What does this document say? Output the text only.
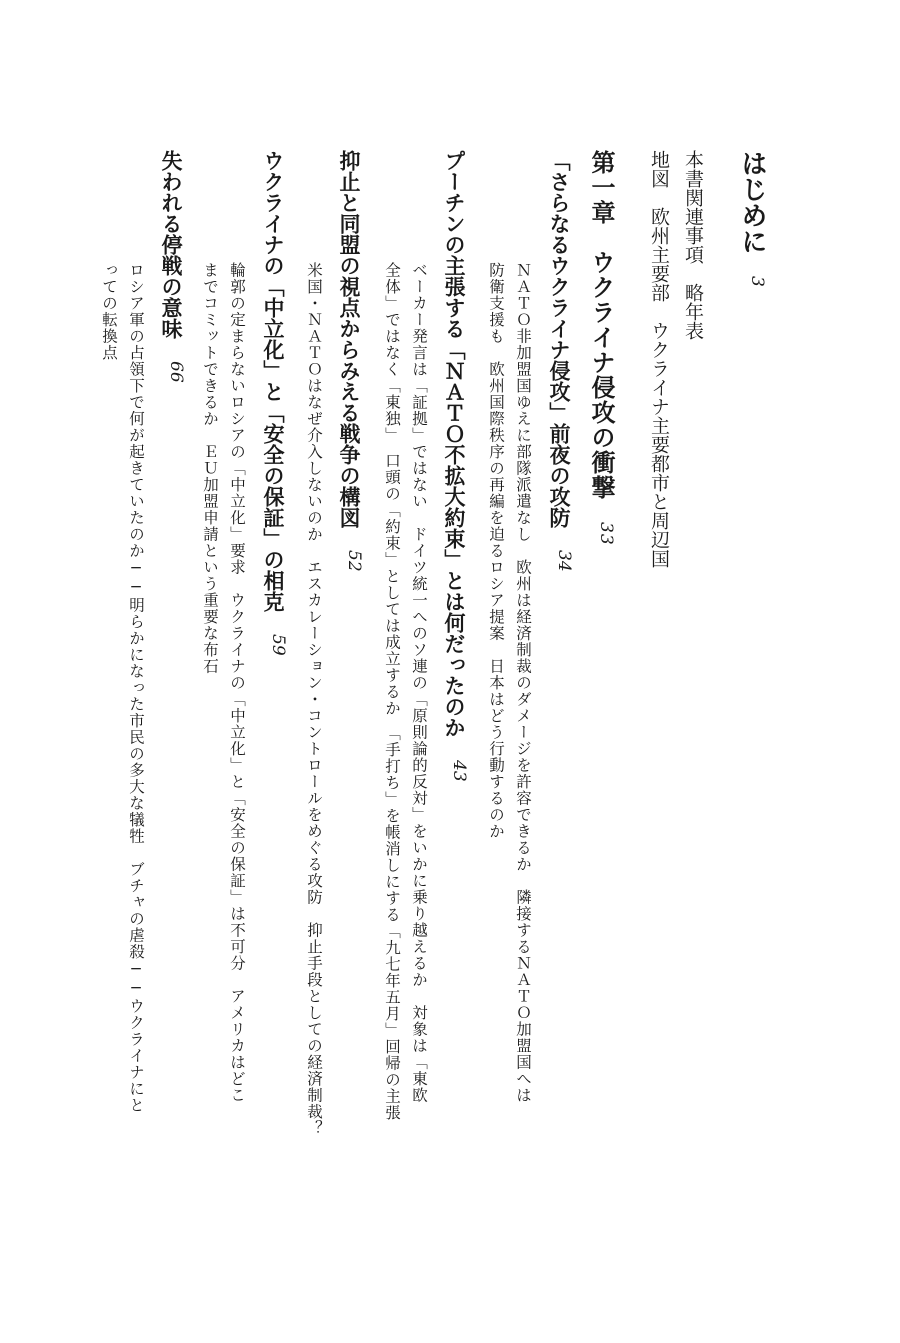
はじめに3
本書関連事項　略年表
地図　欧州主要部　ウクライナ主要都市と周辺国
第一章　ウクライナ侵攻の衝撃33
「さらなるウクライナ侵攻」前夜の攻防34
ＮＡＴＯ非加盟国ゆえに部隊派遣なし　欧州は経済制裁のダメージを許容できるか　隣接するＮＡＴＯ加盟国へは
防衛支援も　欧州国際秩序の再編を迫るロシア提案　日本はどう行動するのか
プーチンの主張する「ＮＡＴＯ不拡大約束」とは何だったのか43
ベーカー発言は「証拠」ではない　ドイツ統一へのソ連の「原則論的反対」をいかに乗り越えるか　対象は「東欧
全体」ではなく「東独」　口頭の「約束」としては成立するか　「手打ち」を帳消しにする「九七年五月」回帰の主張
抑止と同盟の視点からみえる戦争の構図52
米国・ＮＡＴＯはなぜ介入しないのか　エスカレーション・コントロールをめぐる攻防　抑止手段としての経済制裁？
ウクライナの「中立化」と「安全の保証」の相克59
輪郭の定まらないロシアの「中立化」要求　ウクライナの「中立化」と「安全の保証」は不可分　アメリカはどこ
までコミットできるか　ＥＵ加盟申請という重要な布石
失われる停戦の意味66
ロシア軍の占領下で何が起きていたのか──明らかになった市民の多大な犠牲　ブチャの虐殺──ウクライナにと
っての転換点
